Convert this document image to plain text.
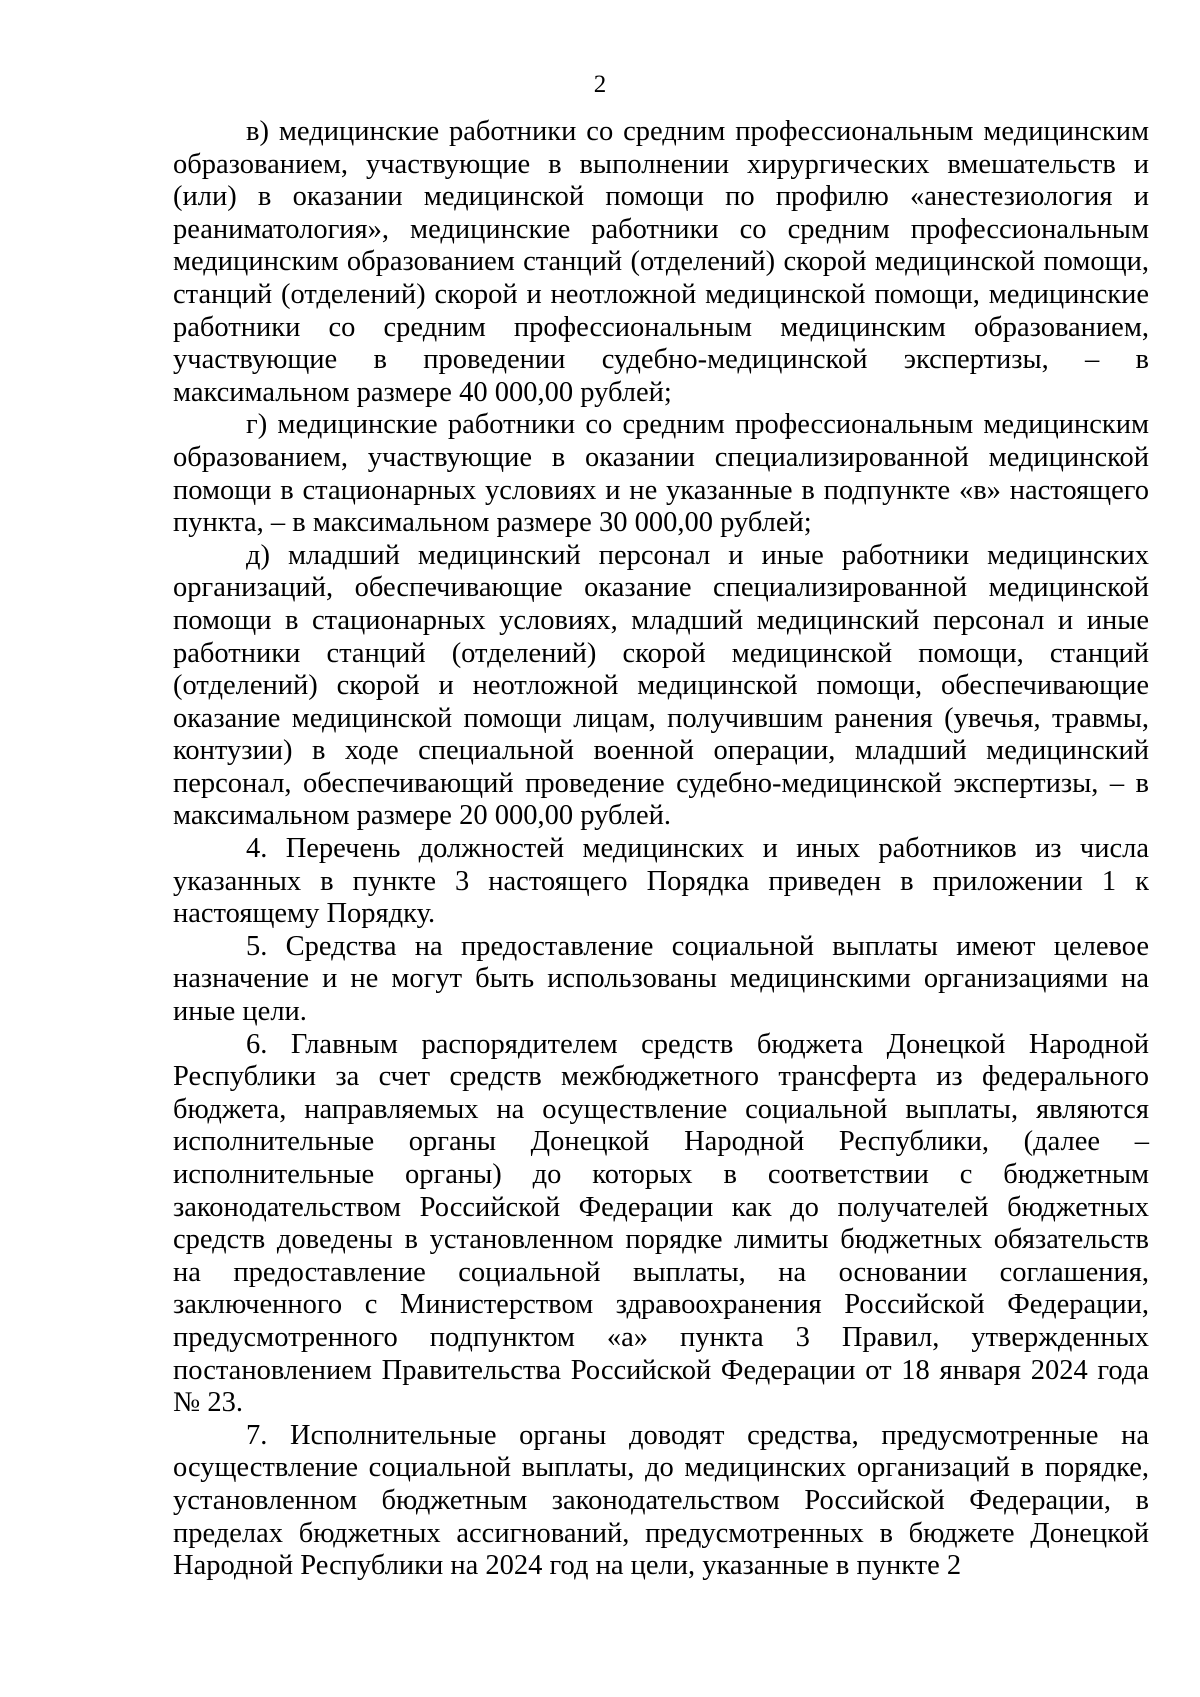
2

в) медицинские работники со средним профессиональным медицинским образованием, участвующие в выполнении хирургических вмешательств и (или) в оказании медицинской помощи по профилю «анестезиология и реаниматология», медицинские работники со средним профессиональным медицинским образованием станций (отделений) скорой медицинской помощи, станций (отделений) скорой и неотложной медицинской помощи, медицинские работники со средним профессиональным медицинским образованием, участвующие в проведении судебно-медицинской экспертизы, – в максимальном размере 40 000,00 рублей;

г) медицинские работники со средним профессиональным медицинским образованием, участвующие в оказании специализированной медицинской помощи в стационарных условиях и не указанные в подпункте «в» настоящего пункта, – в максимальном размере 30 000,00 рублей;

д) младший медицинский персонал и иные работники медицинских организаций, обеспечивающие оказание специализированной медицинской помощи в стационарных условиях, младший медицинский персонал и иные работники станций (отделений) скорой медицинской помощи, станций (отделений) скорой и неотложной медицинской помощи, обеспечивающие оказание медицинской помощи лицам, получившим ранения (увечья, травмы, контузии) в ходе специальной военной операции, младший медицинский персонал, обеспечивающий проведение судебно-медицинской экспертизы, – в максимальном размере 20 000,00 рублей.

4. Перечень должностей медицинских и иных работников из числа указанных в пункте 3 настоящего Порядка приведен в приложении 1 к настоящему Порядку.

5. Средства на предоставление социальной выплаты имеют целевое назначение и не могут быть использованы медицинскими организациями на иные цели.

6. Главным распорядителем средств бюджета Донецкой Народной Республики за счет средств межбюджетного трансферта из федерального бюджета, направляемых на осуществление социальной выплаты, являются исполнительные органы Донецкой Народной Республики, (далее – исполнительные органы) до которых в соответствии с бюджетным законодательством Российской Федерации как до получателей бюджетных средств доведены в установленном порядке лимиты бюджетных обязательств на предоставление социальной выплаты, на основании соглашения, заключенного с Министерством здравоохранения Российской Федерации, предусмотренного подпунктом «а» пункта 3 Правил, утвержденных постановлением Правительства Российской Федерации от 18 января 2024 года № 23.

7. Исполнительные органы доводят средства, предусмотренные на осуществление социальной выплаты, до медицинских организаций в порядке, установленном бюджетным законодательством Российской Федерации, в пределах бюджетных ассигнований, предусмотренных в бюджете Донецкой Народной Республики на 2024 год на цели, указанные в пункте 2
